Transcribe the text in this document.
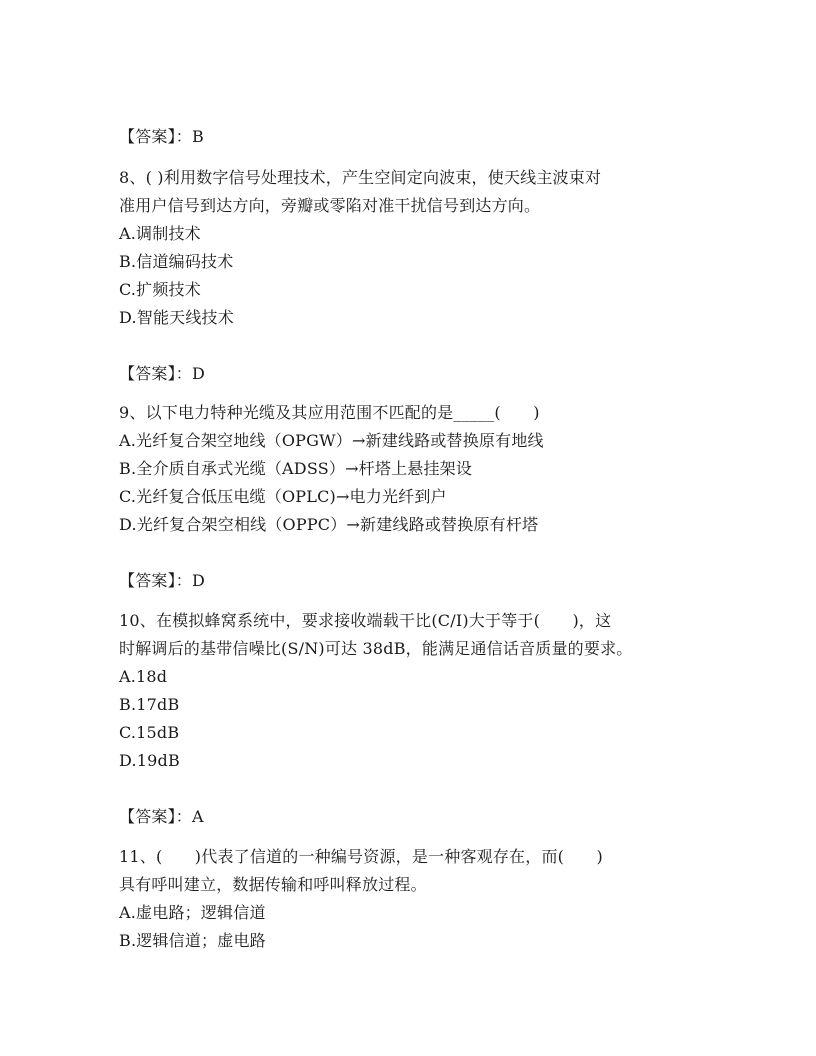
【答案】：B
8、( )利用数字信号处理技术，产生空间定向波束，使天线主波束对
准用户信号到达方向，旁瓣或零陷对准干扰信号到达方向。
A.调制技术
B.信道编码技术
C.扩频技术
D.智能天线技术
【答案】：D
9、以下电力特种光缆及其应用范围不匹配的是_____(　　)
A.光纤复合架空地线（OPGW）→新建线路或替换原有地线
B.全介质自承式光缆（ADSS）→杆塔上悬挂架设
C.光纤复合低压电缆（OPLC)→电力光纤到户
D.光纤复合架空相线（OPPC）→新建线路或替换原有杆塔
【答案】：D
10、在模拟蜂窝系统中，要求接收端载干比(C/I)大于等于(　　)，这
时解调后的基带信噪比(S/N)可达 38dB，能满足通信话音质量的要求。
A.18d
B.17dB
C.15dB
D.19dB
【答案】：A
11、(　　)代表了信道的一种编号资源，是一种客观存在，而(　　)
具有呼叫建立，数据传输和呼叫释放过程。
A.虚电路；逻辑信道
B.逻辑信道；虚电路
